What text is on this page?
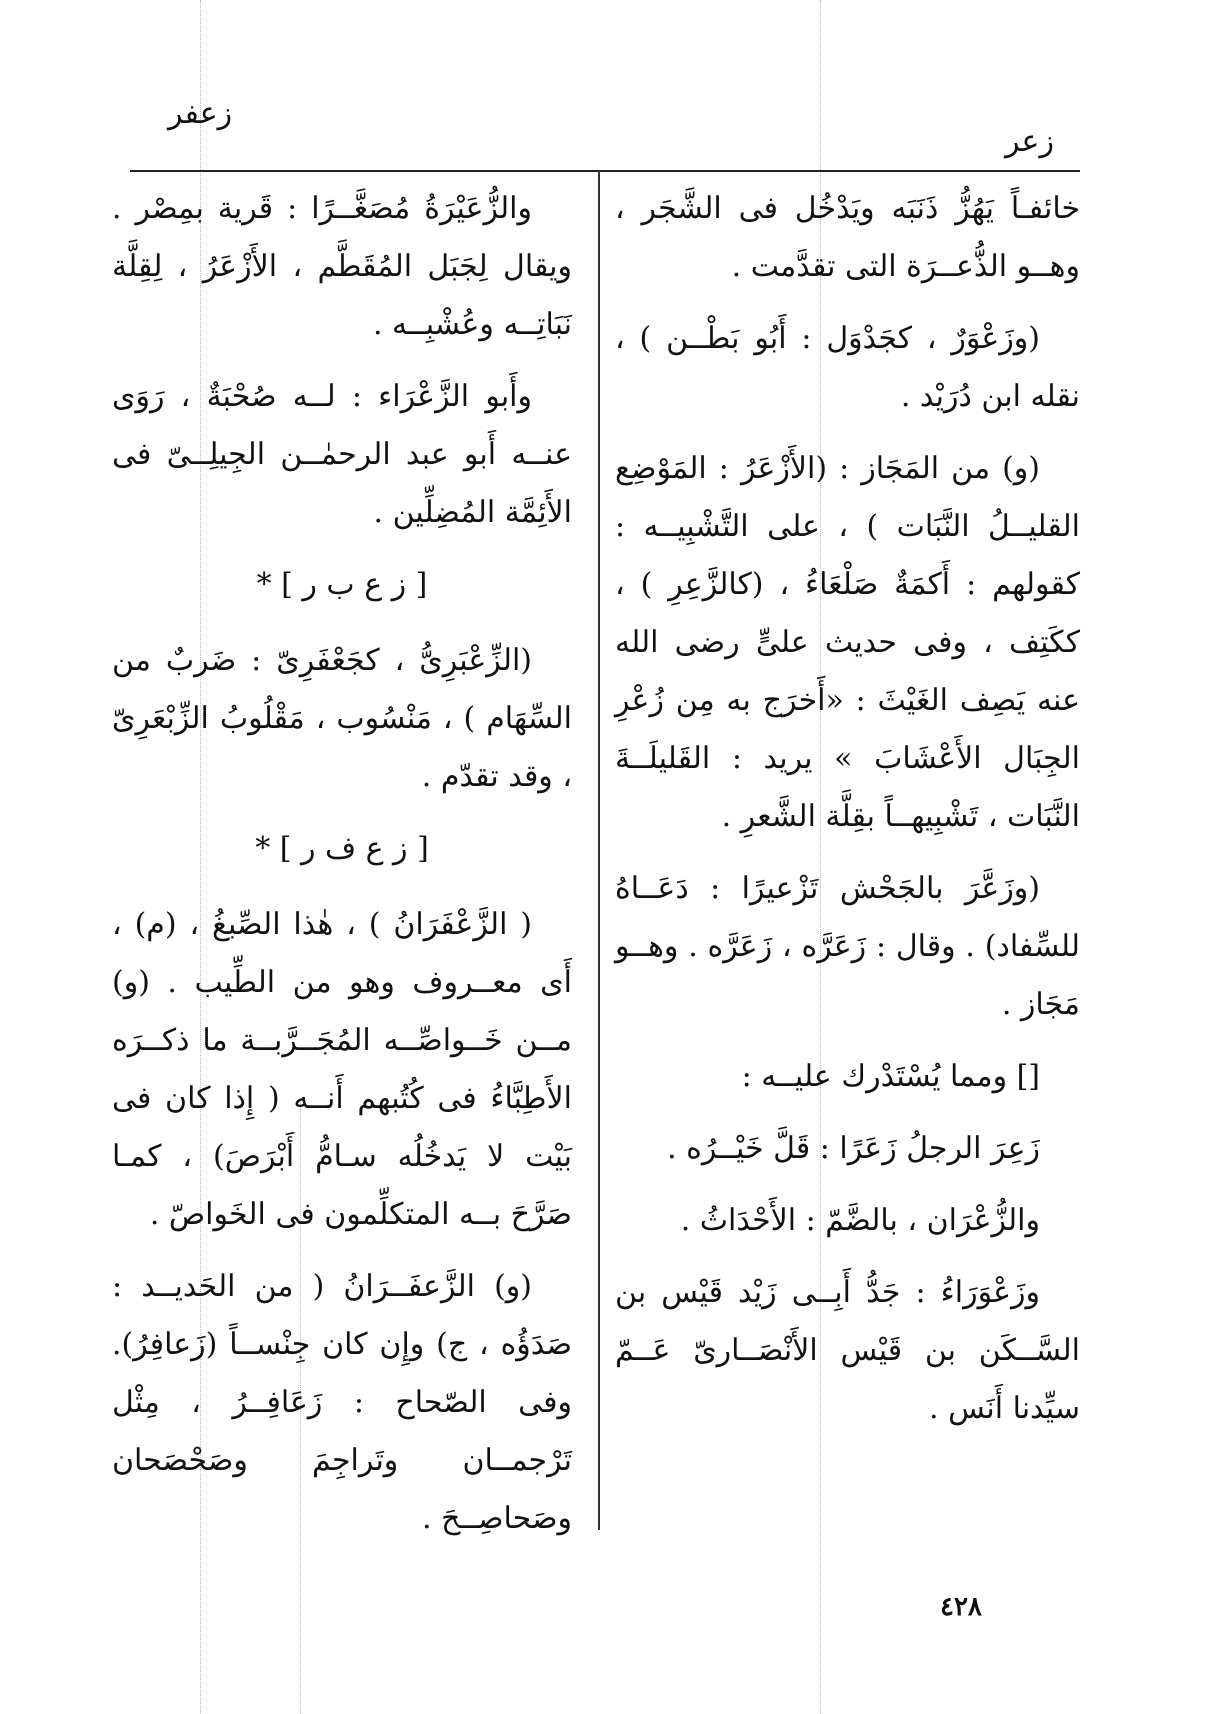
زعفر
زعر

خائفـاً يَهُزُّ ذَنَبَه ويَدْخُل فى الشَّجَر ، وهــو الذُّعــرَة التى تقدَّمت .

(وزَعْوَرٌ ، كجَدْوَل : أَبُو بَطْــن ) ، نقله ابن دُرَيْد .

(و) من المَجَاز : (الأَزْعَرُ : المَوْضِع القليــلُ النَّبَات ) ، على التَّشْبِيــه : كقولهم : أَكمَةٌ صَلْعَاءُ ، (كالزَّعِرِ ) ، ككَتِف ، وفى حديث علىٍّ رضى الله عنه يَصِف الغَيْثَ : «أَخرَج به مِن زُعْرِ الجِبَال الأَعْشَابَ » يريد : القَليلَــةَ النَّبَات ، تَشْبِيهــاً بقِلَّة الشَّعرِ .

(وزَعَّرَ بالجَحْش تَزْعيرًا : دَعَــاهُ للسِّفاد) . وقال : زَعَرَّه ، زَعَرَّه . وهــو مَجَاز .

[] ومما يُسْتَدْرك عليــه :

زَعِرَ الرجلُ زَعَرًا : قَلَّ خَيْــرُه .

والزُّعْرَان ، بالضَّمّ : الأَحْدَاثُ .

وزَعْوَرَاءُ : جَدُّ أَبِــى زَيْد قَيْس بن السَّــكَن بن قَيْس الأَنْصَــارىّ عَــمّ سيِّدنا أَنَس .

والزُّعَيْرَةُ مُصَغَّــرًا : قَرية بمِصْر . ويقال لِجَبَل المُقَطَّم ، الأَزْعَرُ ، لِقِلَّة نَبَاتِــه وعُشْبِــه .

وأَبو الزَّعْرَاء : لــه صُحْبَةٌ ، رَوَى عنــه أَبو عبد الرحمٰــن الجِيلِــىّ فى الأَئِمَّة المُضِلِّين .

[ ز ع ب ر ] *

(الزِّعْبَرِىُّ ، كجَعْفَرِىّ : ضَربٌ من السِّهَام ) ، مَنْسُوب ، مَقْلُوبُ الزِّبْعَرِىّ ، وقد تقدّم .

[ ز ع ف ر ] *

( الزَّعْفَرَانُ ) ، هٰذا الصِّبغُ ، (م) ، أَى معــروف وهو من الطِّيب . (و) مــن خَــواصِّــه المُجَــرَّبــة ما ذكــرَه الأَطِبَّاءُ فى كُتُبهم أَنــه ( إِذا كان فى بَيْت لا يَدخُلُه سـامُّ أَبْرَصَ) ، كمـا صَرَّحَ بــه المتكلِّمون فى الخَواصّ .

(و) الزَّعفَــرَانُ ( من الحَديــد : صَدَؤُه ، ج) وإِن كان جِنْســاً (زَعافِرُ). وفى الصّحاح : زَعَافِــرُ ، مِثْل تَرْجمــان وتَراجِمَ وصَحْصَحان وصَحاصِــحَ .

٤٢٨
